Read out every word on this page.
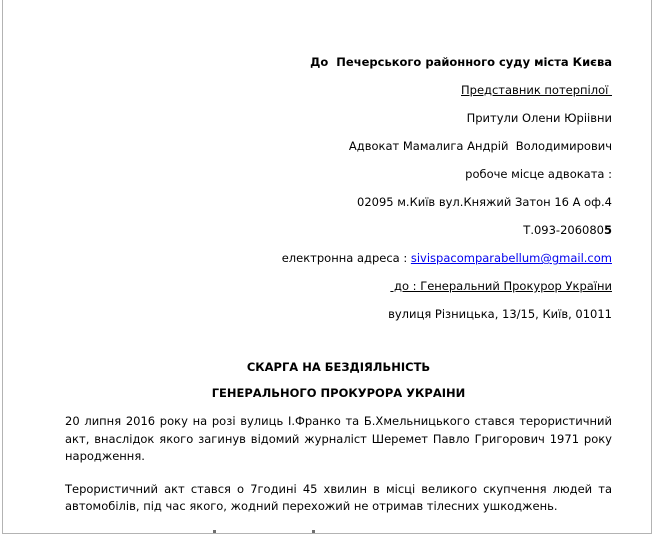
До  Печерського районного суду міста Києва
Представник потерпілої
Притули Олени Юріівни
Адвокат Мамалига Андрій  Володимирович
робоче місце адвоката :
02095 м.Київ вул.Княжий Затон 16 А оф.4
Т.093-2060805
електронна адреса : sivispacomparabellum@gmail.com
до : Генеральний Прокурор України
вулиця Різницька, 13/15, Київ, 01011
СКАРГА НА БЕЗДІЯЛЬНІСТЬ
ГЕНЕРАЛЬНОГО ПРОКУРОРА УКРАІНИ

20 липня 2016 року на розі вулиць І.Франко та Б.Хмельницького стався терористичний акт, внаслідок якого загинув відомий журналіст Шеремет Павло Григорович 1971 року народження.

Терористичний акт стався о 7годині 45 хвилин в місці великого скупчення людей та автомобілів, під час якого, жодний перехожий не отримав тілесних ушкоджень.
